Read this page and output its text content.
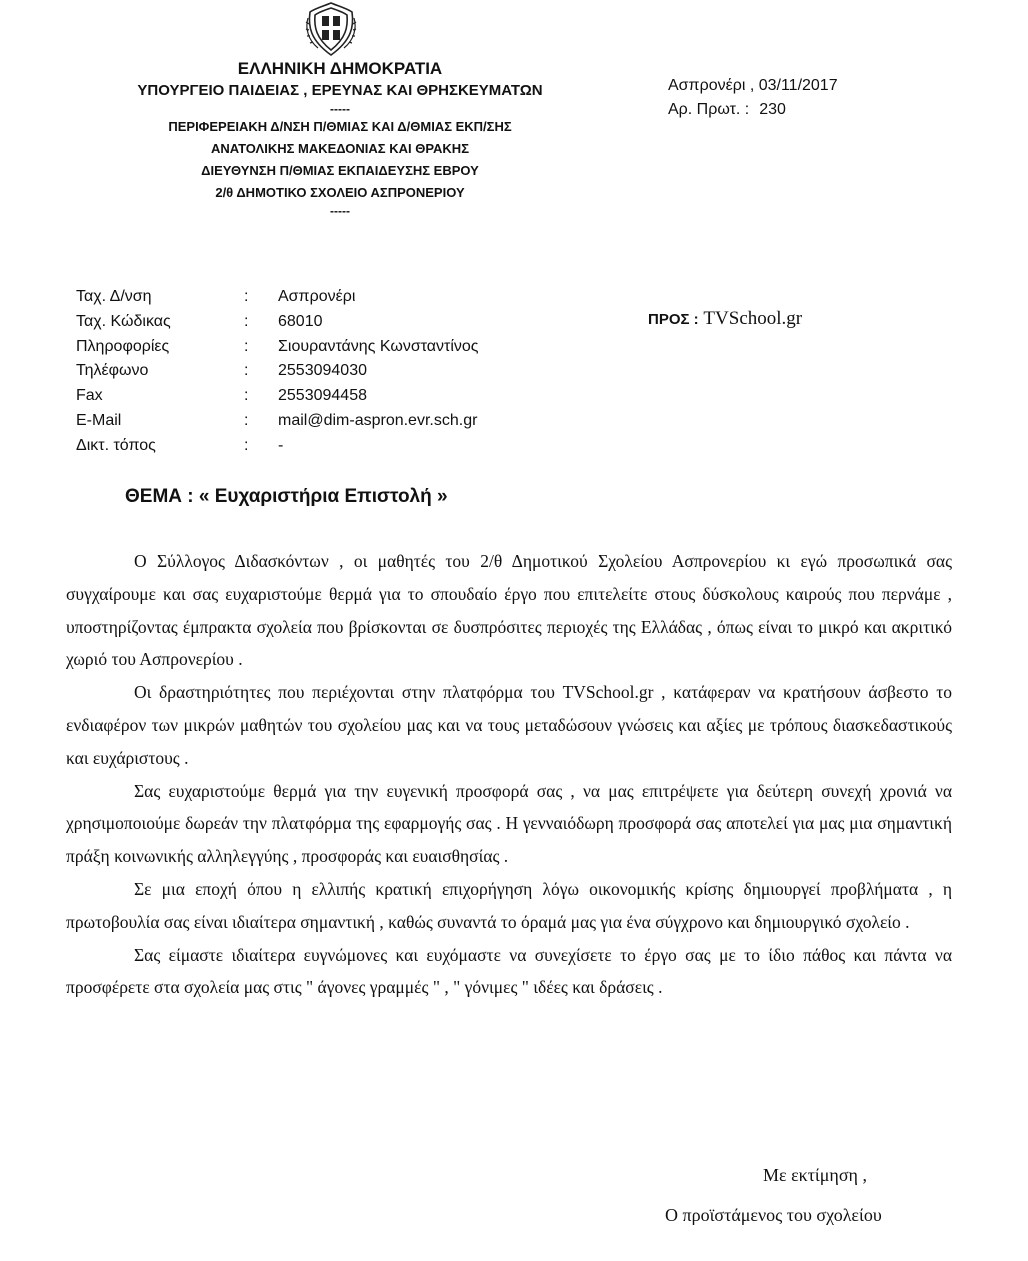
ΕΛΛΗΝΙΚΗ ΔΗΜΟΚΡΑΤΙΑ
ΥΠΟΥΡΓΕΙΟ ΠΑΙΔΕΙΑΣ , ΕΡΕΥΝΑΣ ΚΑΙ ΘΡΗΣΚΕΥΜΑΤΩΝ
-----
ΠΕΡΙΦΕΡΕΙΑΚΗ Δ/ΝΣΗ Π/ΘΜΙΑΣ ΚΑΙ Δ/ΘΜΙΑΣ ΕΚΠ/ΣΗΣ
ΑΝΑΤΟΛΙΚΗΣ ΜΑΚΕΔΟΝΙΑΣ ΚΑΙ ΘΡΑΚΗΣ
ΔΙΕΥΘΥΝΣΗ Π/ΘΜΙΑΣ ΕΚΠΑΙΔΕΥΣΗΣ ΕΒΡΟΥ
2/θ ΔΗΜΟΤΙΚΟ ΣΧΟΛΕΙΟ ΑΣΠΡΟΝΕΡΙΟΥ
-----
Ασπρονέρι , 03/11/2017
Αρ. Πρωτ. : 230
Ταχ. Δ/νση	: Ασπρονέρι
Ταχ. Κώδικας	: 68010
Πληροφορίες	: Σιουραντάνης Κωνσταντίνος
Τηλέφωνο	: 2553094030
Fax	: 2553094458
E-Mail	: mail@dim-aspron.evr.sch.gr
Δικτ. τόπος	: -
ΠΡΟΣ : TVSchool.gr
ΘΕΜΑ : « Ευχαριστήρια Επιστολή »

Ο Σύλλογος Διδασκόντων , οι μαθητές του 2/θ Δημοτικού Σχολείου Ασπρονερίου κι εγώ προσωπικά σας συγχαίρουμε και σας ευχαριστούμε θερμά για το σπουδαίο έργο που επιτελείτε στους δύσκολους καιρούς που περνάμε , υποστηρίζοντας έμπρακτα σχολεία που βρίσκονται σε δυσπρόσιτες περιοχές της Ελλάδας , όπως είναι το μικρό και ακριτικό χωριό του Ασπρονερίου .

Οι δραστηριότητες που περιέχονται στην πλατφόρμα του TVSchool.gr , κατάφεραν να κρατήσουν άσβεστο το ενδιαφέρον των μικρών μαθητών του σχολείου μας και να τους μεταδώσουν γνώσεις και αξίες με τρόπους διασκεδαστικούς και ευχάριστους .

Σας ευχαριστούμε θερμά για την ευγενική προσφορά σας , να μας επιτρέψετε για δεύτερη συνεχή χρονιά να χρησιμοποιούμε δωρεάν την πλατφόρμα της εφαρμογής σας . Η γενναιόδωρη προσφορά σας αποτελεί για μας μια σημαντική πράξη κοινωνικής αλληλεγγύης , προσφοράς και ευαισθησίας .

Σε μια εποχή όπου η ελλιπής κρατική επιχορήγηση λόγω οικονομικής κρίσης δημιουργεί προβλήματα , η πρωτοβουλία σας είναι ιδιαίτερα σημαντική , καθώς συναντά το όραμά μας για ένα σύγχρονο και δημιουργικό σχολείο .

Σας είμαστε ιδιαίτερα ευγνώμονες και ευχόμαστε να συνεχίσετε το έργο σας με το ίδιο πάθος και πάντα να προσφέρετε στα σχολεία μας στις " άγονες γραμμές " , " γόνιμες " ιδέες και δράσεις .

Με εκτίμηση ,
Ο προϊστάμενος του σχολείου
